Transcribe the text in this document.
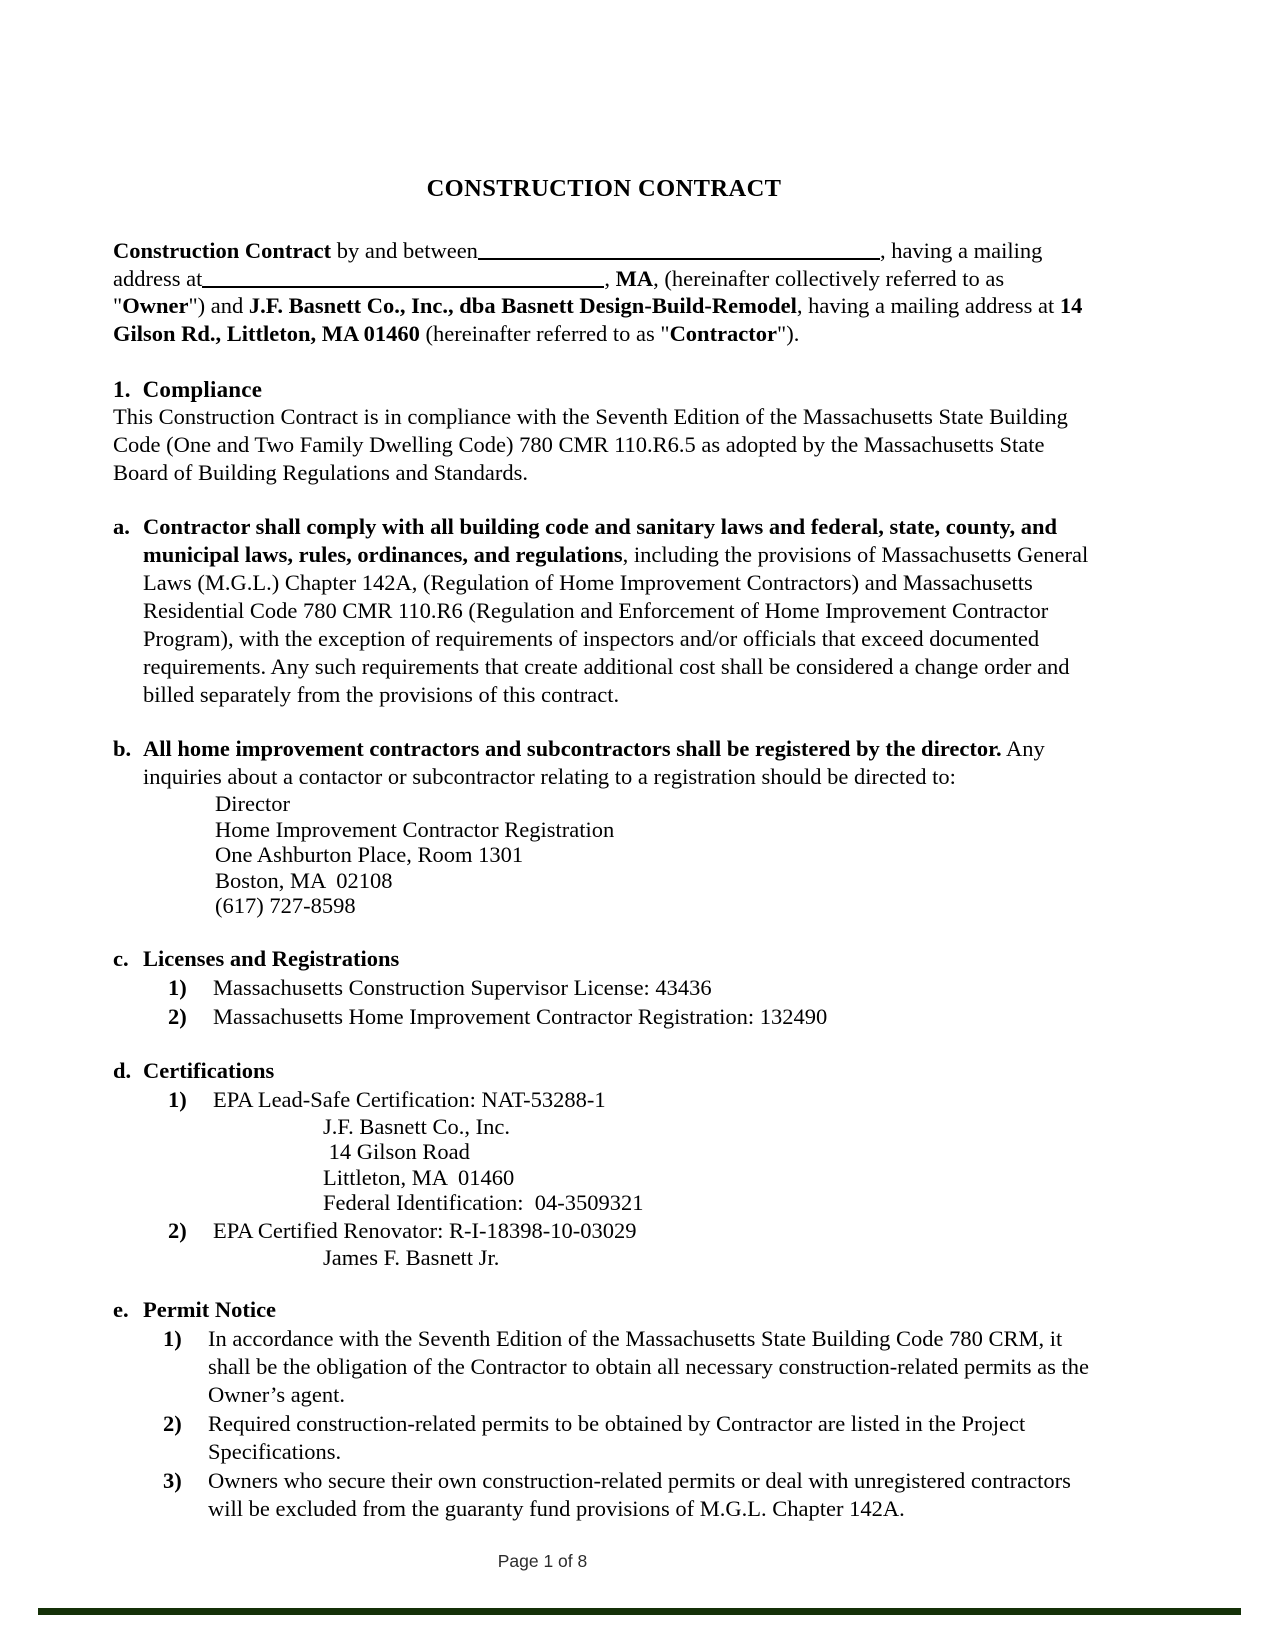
CONSTRUCTION CONTRACT

Construction Contract by and between	, having a mailing address at	, MA, (hereinafter collectively referred to as "Owner") and J.F. Basnett Co., Inc., dba Basnett Design-Build-Remodel, having a mailing address at 14 Gilson Rd., Littleton, MA 01460 (hereinafter referred to as "Contractor").

1. Compliance

This Construction Contract is in compliance with the Seventh Edition of the Massachusetts State Building Code (One and Two Family Dwelling Code) 780 CMR 110.R6.5 as adopted by the Massachusetts State Board of Building Regulations and Standards.

a. Contractor shall comply with all building code and sanitary laws and federal, state, county, and municipal laws, rules, ordinances, and regulations, including the provisions of Massachusetts General Laws (M.G.L.) Chapter 142A, (Regulation of Home Improvement Contractors) and Massachusetts Residential Code 780 CMR 110.R6 (Regulation and Enforcement of Home Improvement Contractor Program), with the exception of requirements of inspectors and/or officials that exceed documented requirements. Any such requirements that create additional cost shall be considered a change order and billed separately from the provisions of this contract.
b. All home improvement contractors and subcontractors shall be registered by the director. Any inquiries about a contactor or subcontractor relating to a registration should be directed to:
Director
Home Improvement Contractor Registration
One Ashburton Place, Room 1301
Boston, MA  02108
(617) 727-8598
c. Licenses and Registrations
1)	Massachusetts Construction Supervisor License: 43436
2)	Massachusetts Home Improvement Contractor Registration: 132490
d. Certifications
1)	EPA Lead-Safe Certification: NAT-53288-1
J.F. Basnett Co., Inc.
14 Gilson Road
Littleton, MA  01460
Federal Identification:  04-3509321
2)	EPA Certified Renovator: R-I-18398-10-03029
James F. Basnett Jr.
e. Permit Notice
1)	In accordance with the Seventh Edition of the Massachusetts State Building Code 780 CRM, it shall be the obligation of the Contractor to obtain all necessary construction-related permits as the Owner’s agent.
2)	Required construction-related permits to be obtained by Contractor are listed in the Project Specifications.
3)	Owners who secure their own construction-related permits or deal with unregistered contractors will be excluded from the guaranty fund provisions of M.G.L. Chapter 142A.
Page 1 of 8
